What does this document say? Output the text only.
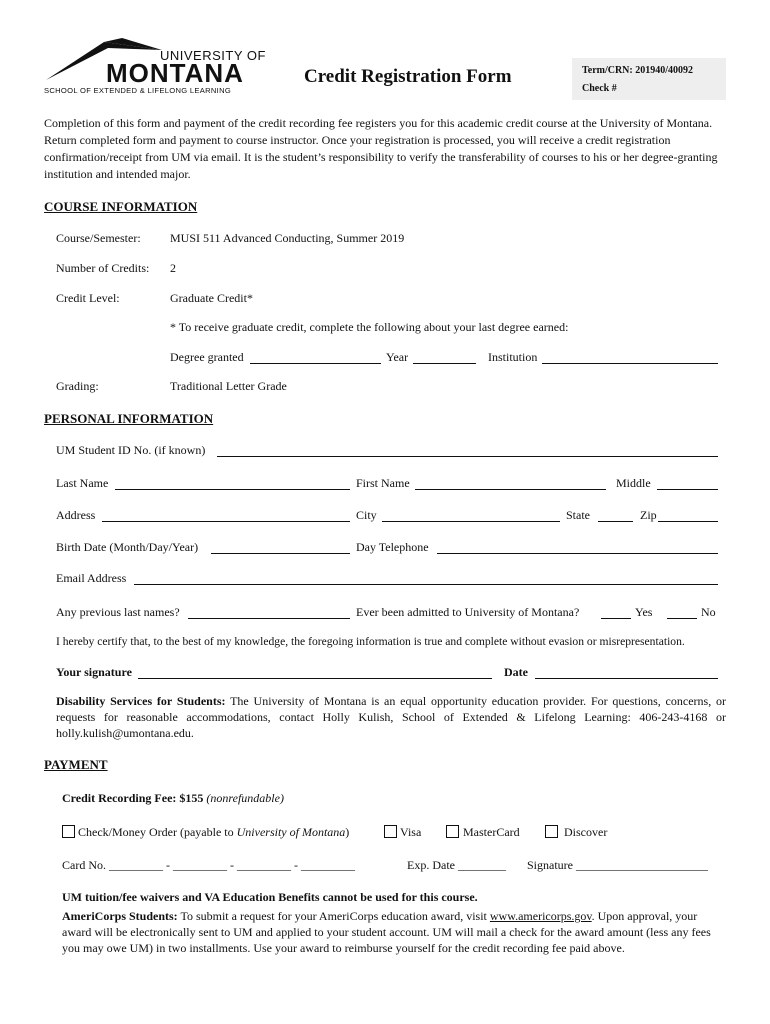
UNIVERSITY OF
MONTANA
SCHOOL OF EXTENDED & LIFELONG LEARNING
Credit Registration Form	Term/CRN: 201940/40092
Check #
Completion of this form and payment of the credit recording fee registers you for this academic credit course at the University of Montana. Return completed form and payment to course instructor. Once your registration is processed, you will receive a credit registration confirmation/receipt from UM via email. It is the student’s responsibility to verify the transferability of courses to his or her degree-granting institution and intended major.
COURSE INFORMATION
Course/Semester: MUSI 511 Advanced Conducting, Summer 2019
Number of Credits: 2
Credit Level:	Graduate Credit*
* To receive graduate credit, complete the following about your last degree earned:
Degree granted	Year	Institution
Grading:	Traditional Letter Grade
PERSONAL INFORMATION
UM Student ID No. (if known)
Last Name	First Name	Middle
Address	City	State	Zip
Birth Date (Month/Day/Year)	Day Telephone
Email Address
Any previous last names?	Ever been admitted to University of Montana?	Yes	No
I hereby certify that, to the best of my knowledge, the foregoing information is true and complete without evasion or misrepresentation.
Your signature	Date
Disability Services for Students: The University of Montana is an equal opportunity education provider. For questions, concerns, or requests for reasonable accommodations, contact Holly Kulish, School of Extended & Lifelong Learning: 406-243-4168 or holly.kulish@umontana.edu.
PAYMENT
Credit Recording Fee: $155 (nonrefundable)
Check/Money Order (payable to University of Montana)	Visa	MasterCard	Discover
Card No. _________ - _________ - _________ - _________	Exp. Date ________ Signature ______________________
UM tuition/fee waivers and VA Education Benefits cannot be used for this course.
AmeriCorps Students: To submit a request for your AmeriCorps education award, visit www.americorps.gov. Upon approval, your award will be electronically sent to UM and applied to your student account. UM will mail a check for the award amount (less any fees you may owe UM) in two installments. Use your award to reimburse yourself for the credit recording fee paid above.
